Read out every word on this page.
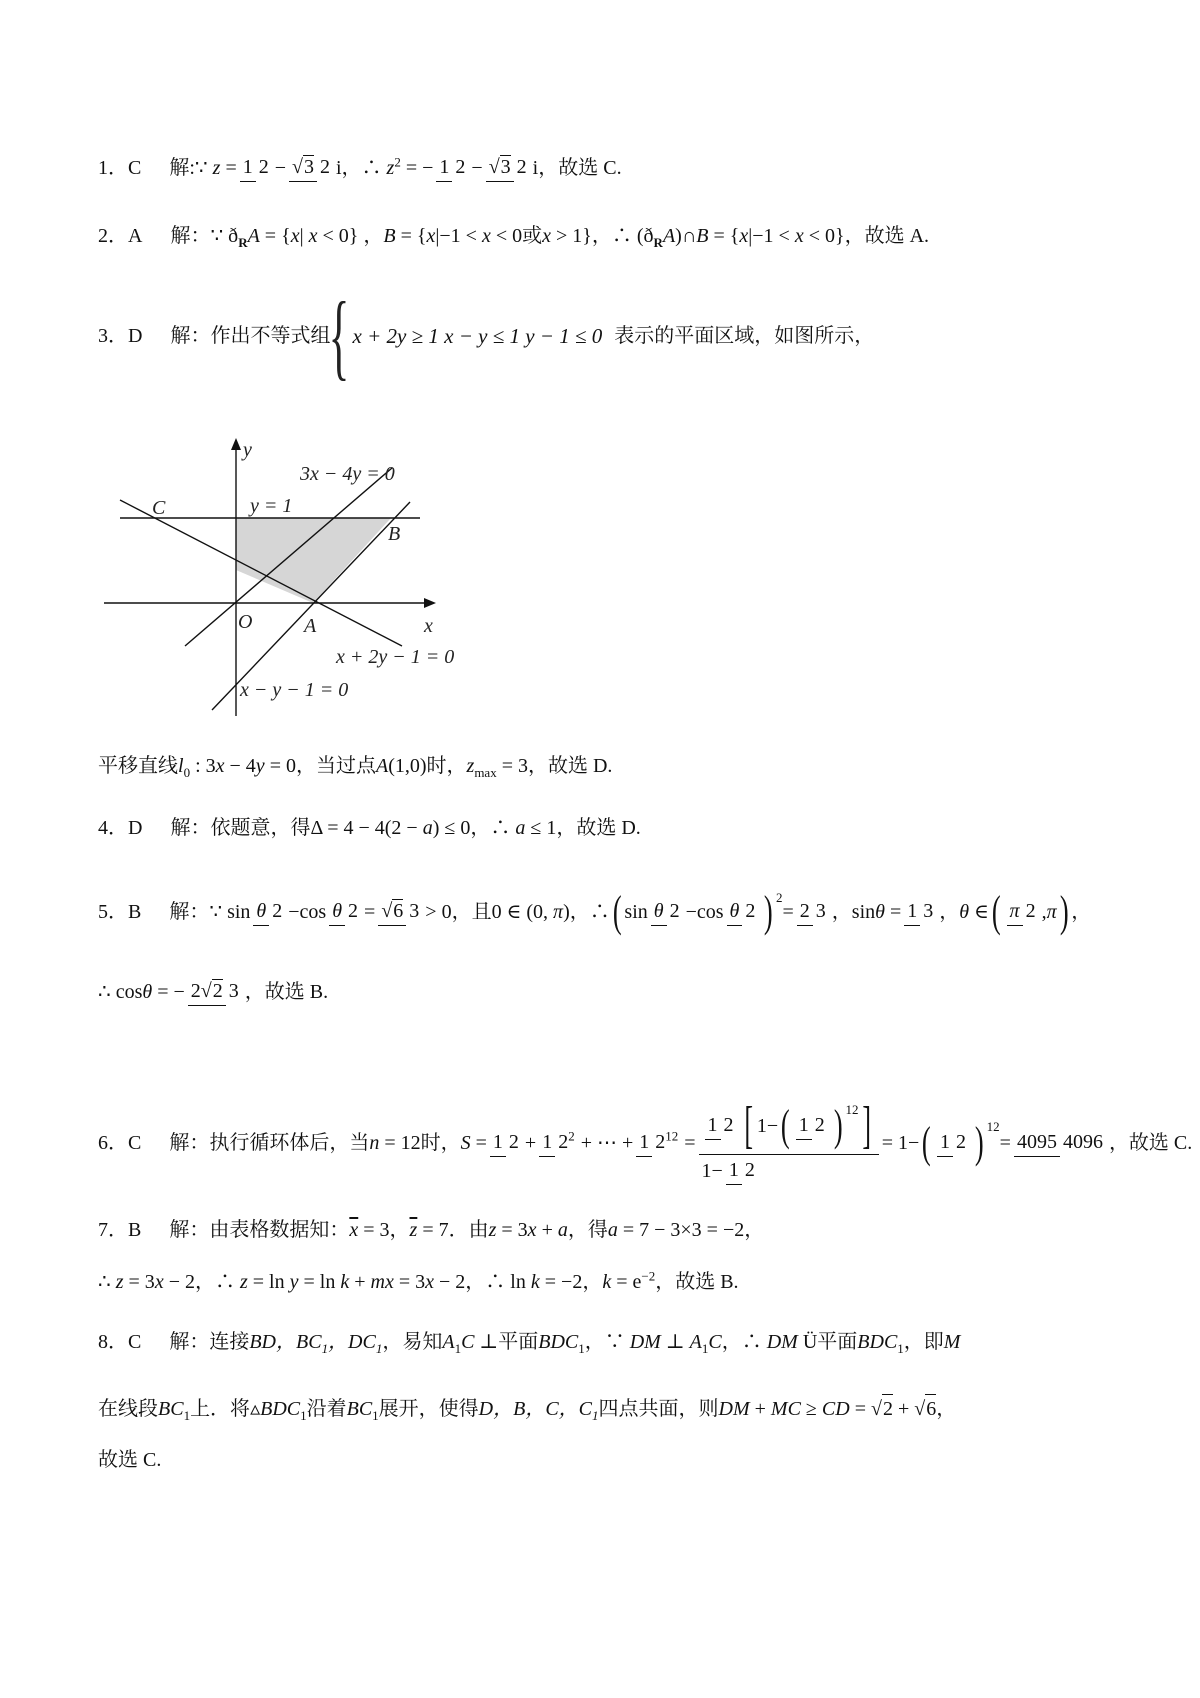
1． C 解: ∵ z = 1 2 − √3 2 i，∴ $z^2$ = − 1 2 − √3 2 i ，故选 C.
2． A 解： ∵ $ð_RA = \{x|$ x < 0} ，B = {x|−1 < x < 0 或 x > 1}，∴ $(ð_RA)\cap B = \{x|-1 < x < 0\}$ ，故选 A.
3． D 解： 作出不等式组
{ x + 2y ≥ 1 x − y ≤ 1 y − 1 ≤ 0 表示的平面区域，如图所示，
y
3x − 4y = 0
y = 1
C
B
O	A	x
x + 2y − 1 = 0
x − y − 1 = 0
平移直线 $l_0$ : 3x − 4y = 0 ，当过点 A(1,0) 时， $z_{max} = 3$ ，故选 D.
4． D 解： 依题意，得 Δ = 4 − 4(2 − a) ≤ 0，∴ a ≤ 1 ，故选 D.
5． B 解： ∵ sin θ 2 −cos θ 2 = √6 3 > 0 ，且 0 ∈ (0, π)，∴ ( sin θ 2 −cos θ 2 )$^2$
= 2 3 ，sinθ = 1 3 ，θ ∈ ( π 2 ,π ) ，
∴ cosθ = − 2√2 3 ，故选 B.
6． C 解： 执行循环体后，当 n = 12 时， S = 1 2 + 1 $2^2$ + ⋯ + 1 $2^{12} = \frac{1 2 [ 1- ( 1 2 )^{12} ]}{1- 1 2} = 1-$ ( 1 2 )$^{12}$
= 4095 4096 ，故选 C.
7． B 解： 由表格数据知： $\overline{x} = 3$，$\overline{z} = 7$ ．由 z = 3x + a ，得 a = 7 − 3×3 = −2，
∴ z = 3x − 2，∴ z = ln y = ln k + mx = 3x − 2，∴ ln k = −2，$k = e^{-2}$ ，故选 B.
8． C 解： 连接 BD，$BC_1$，$DC_1$ ，易知 $A_1C$ ⊥ 平面 $BDC_1$，∵ DM ⊥ $A_1C$，∴ DM Ü 平面 $BDC_1$ ，即 M
在线段 $BC_1$ 上．将 $▵BDC_1$ 沿着 $BC_1$ 展开，使得 D，B，C，$C_1$ 四点共面，则 DM + MC ≥ CD = √2 + √6，
故选 C.
